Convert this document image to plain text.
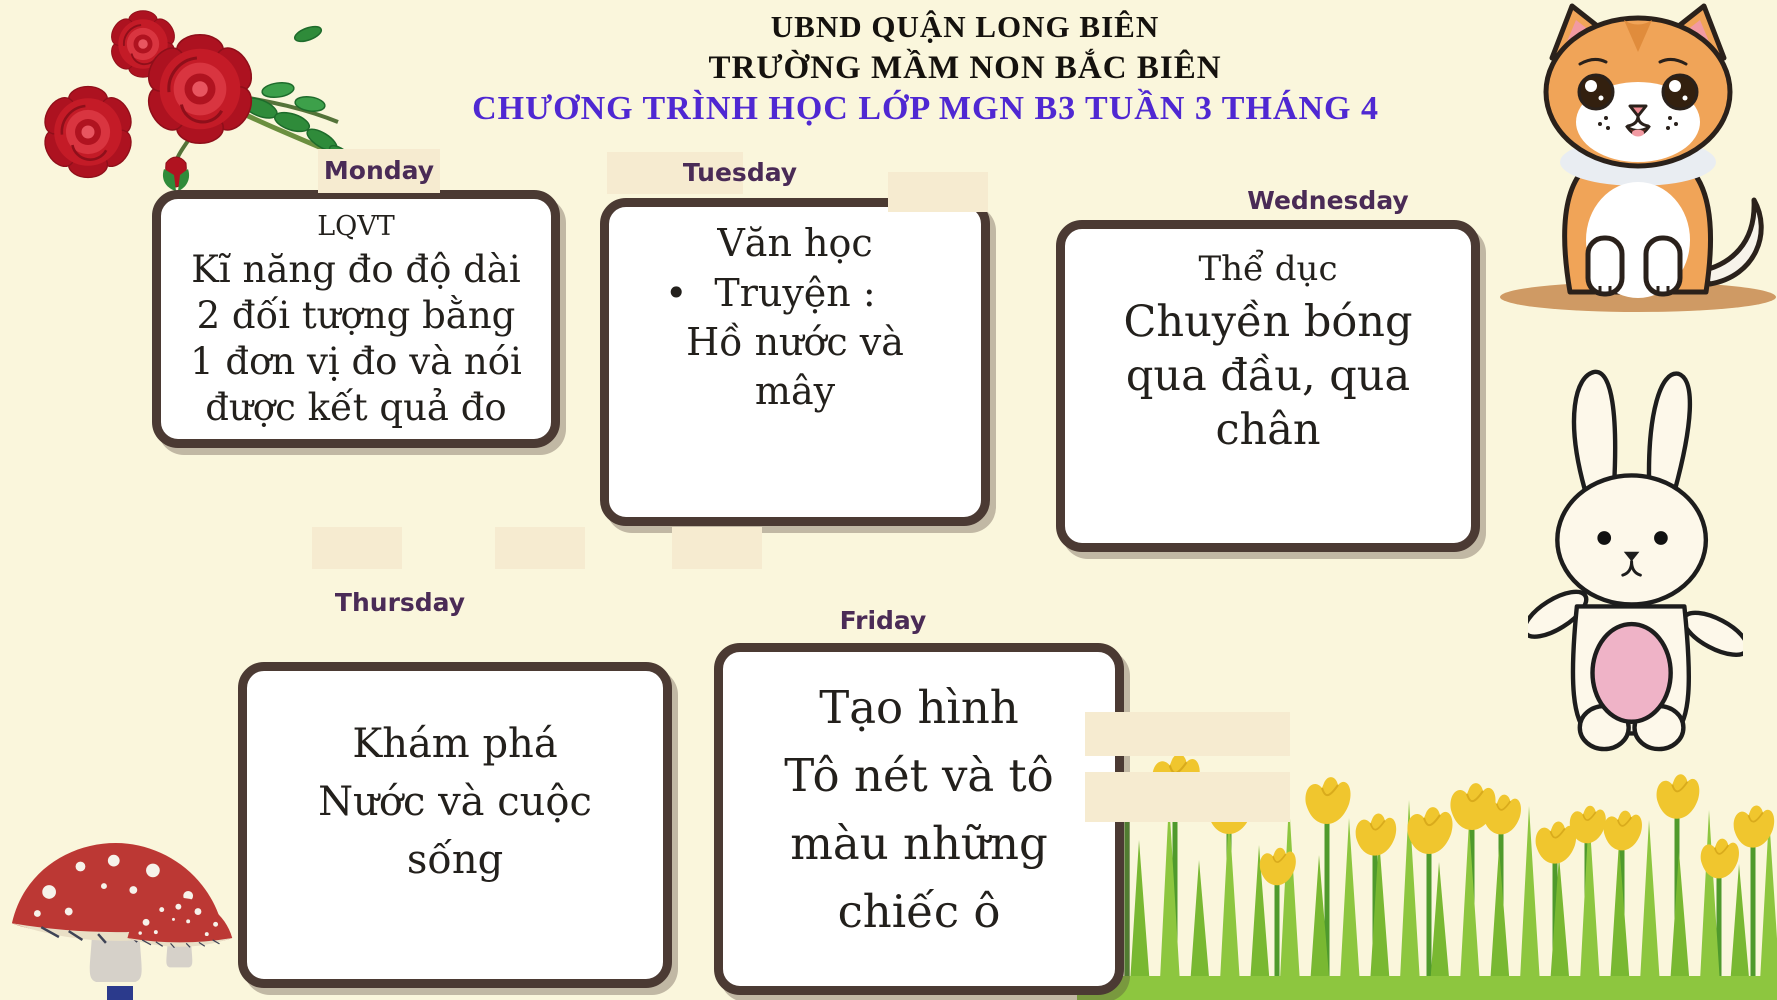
UBND QUẬN LONG BIÊN
TRƯỜNG MẦM NON BẮC BIÊN
CHƯƠNG TRÌNH HỌC LỚP MGN B3 TUẦN 3 THÁNG 4
LQVT
Kĩ năng đo độ dài
2 đối tượng bằng
1 đơn vị đo và nói
được kết quả đo
Văn học
• Truyện :
Hồ nước và
mây
Thể dục
Chuyền bóng
qua đầu, qua
chân
Khám phá
Nước và cuộc
sống
Tạo hình
Tô nét và tô
màu những
chiếc ô
Monday	Tuesday
Wednesday
Thursday
Friday
